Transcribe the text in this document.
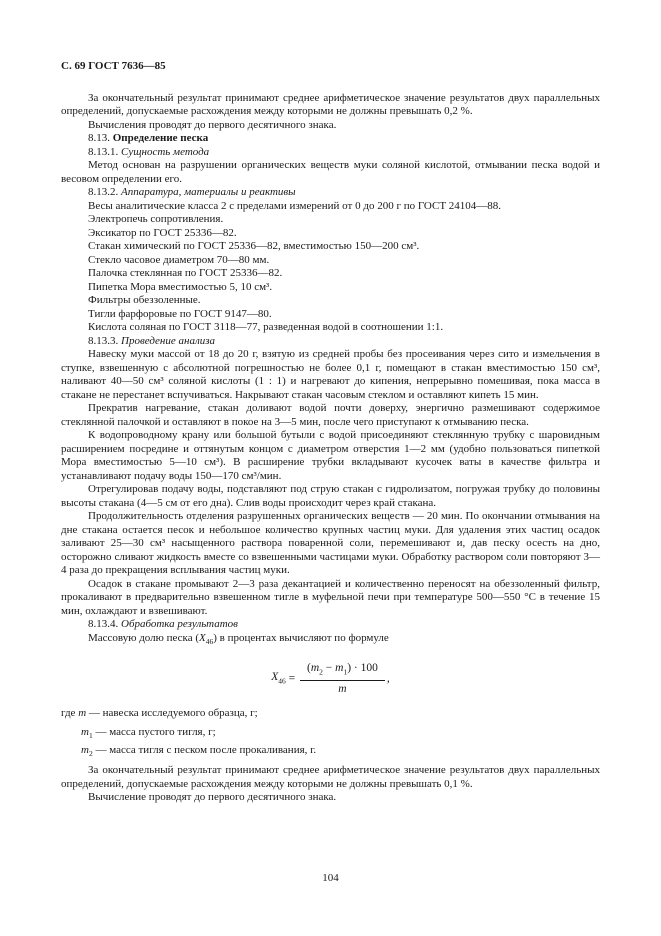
С. 69 ГОСТ 7636—85

За окончательный результат принимают среднее арифметическое значение результатов двух параллельных определений, допускаемые расхождения между которыми не должны превышать 0,2 %.

Вычисления проводят до первого десятичного знака.

8.13. Определение песка

8.13.1. Сущность метода

Метод основан на разрушении органических веществ муки соляной кислотой, отмывании песка водой и весовом определении его.

8.13.2. Аппаратура, материалы и реактивы

Весы аналитические класса 2 с пределами измерений от 0 до 200 г по ГОСТ 24104—88.

Электропечь сопротивления.

Эксикатор по ГОСТ 25336—82.

Стакан химический по ГОСТ 25336—82, вместимостью 150—200 см³.

Стекло часовое диаметром 70—80 мм.

Палочка стеклянная по ГОСТ 25336—82.

Пипетка Мора вместимостью 5, 10 см³.

Фильтры обеззоленные.

Тигли фарфоровые по ГОСТ 9147—80.

Кислота соляная по ГОСТ 3118—77, разведенная водой в соотношении 1:1.

8.13.3. Проведение анализа

Навеску муки массой от 18 до 20 г, взятую из средней пробы без просеивания через сито и измельчения в ступке, взвешенную с абсолютной погрешностью не более 0,1 г, помещают в стакан вместимостью 150 см³, наливают 40—50 см³ соляной кислоты (1 : 1) и нагревают до кипения, непрерывно помешивая, пока масса в стакане не перестанет вспучиваться. Накрывают стакан часовым стеклом и оставляют кипеть 15 мин.

Прекратив нагревание, стакан доливают водой почти доверху, энергично размешивают содержимое стеклянной палочкой и оставляют в покое на 3—5 мин, после чего приступают к отмыванию песка.

К водопроводному крану или большой бутыли с водой присоединяют стеклянную трубку с шаровидным расширением посредине и оттянутым концом с диаметром отверстия 1—2 мм (удобно пользоваться пипеткой Мора вместимостью 5—10 см³). В расширение трубки вкладывают кусочек ваты в качестве фильтра и устанавливают подачу воды 150—170 см³/мин.

Отрегулировав подачу воды, подставляют под струю стакан с гидролизатом, погружая трубку до половины высоты стакана (4—5 см от его дна). Слив воды происходит через край стакана.

Продолжительность отделения разрушенных органических веществ — 20 мин. По окончании отмывания на дне стакана остается песок и небольшое количество крупных частиц муки. Для удаления этих частиц осадок заливают 25—30 см³ насыщенного раствора поваренной соли, перемешивают и, дав песку осесть на дно, осторожно сливают жидкость вместе со взвешенными частицами муки. Обработку раствором соли повторяют 3—4 раза до прекращения всплывания частиц муки.

Осадок в стакане промывают 2—3 раза декантацией и количественно переносят на обеззоленный фильтр, прокаливают в предварительно взвешенном тигле в муфельной печи при температуре 500—550 °С в течение 15 мин, охлаждают и взвешивают.

8.13.4. Обработка результатов

Массовую долю песка $(X_{46})$ в процентах вычисляют по формуле

$X_{46} = \frac{(m_2 - m_1) \cdot 100}{m}$ ,

где m — навеска исследуемого образца, г;

$m_1$ — масса пустого тигля, г;

$m_2$ — масса тигля с песком после прокаливания, г.

За окончательный результат принимают среднее арифметическое значение результатов двух параллельных определений, допускаемые расхождения между которыми не должны превышать 0,1 %.

Вычисление проводят до первого десятичного знака.

104
